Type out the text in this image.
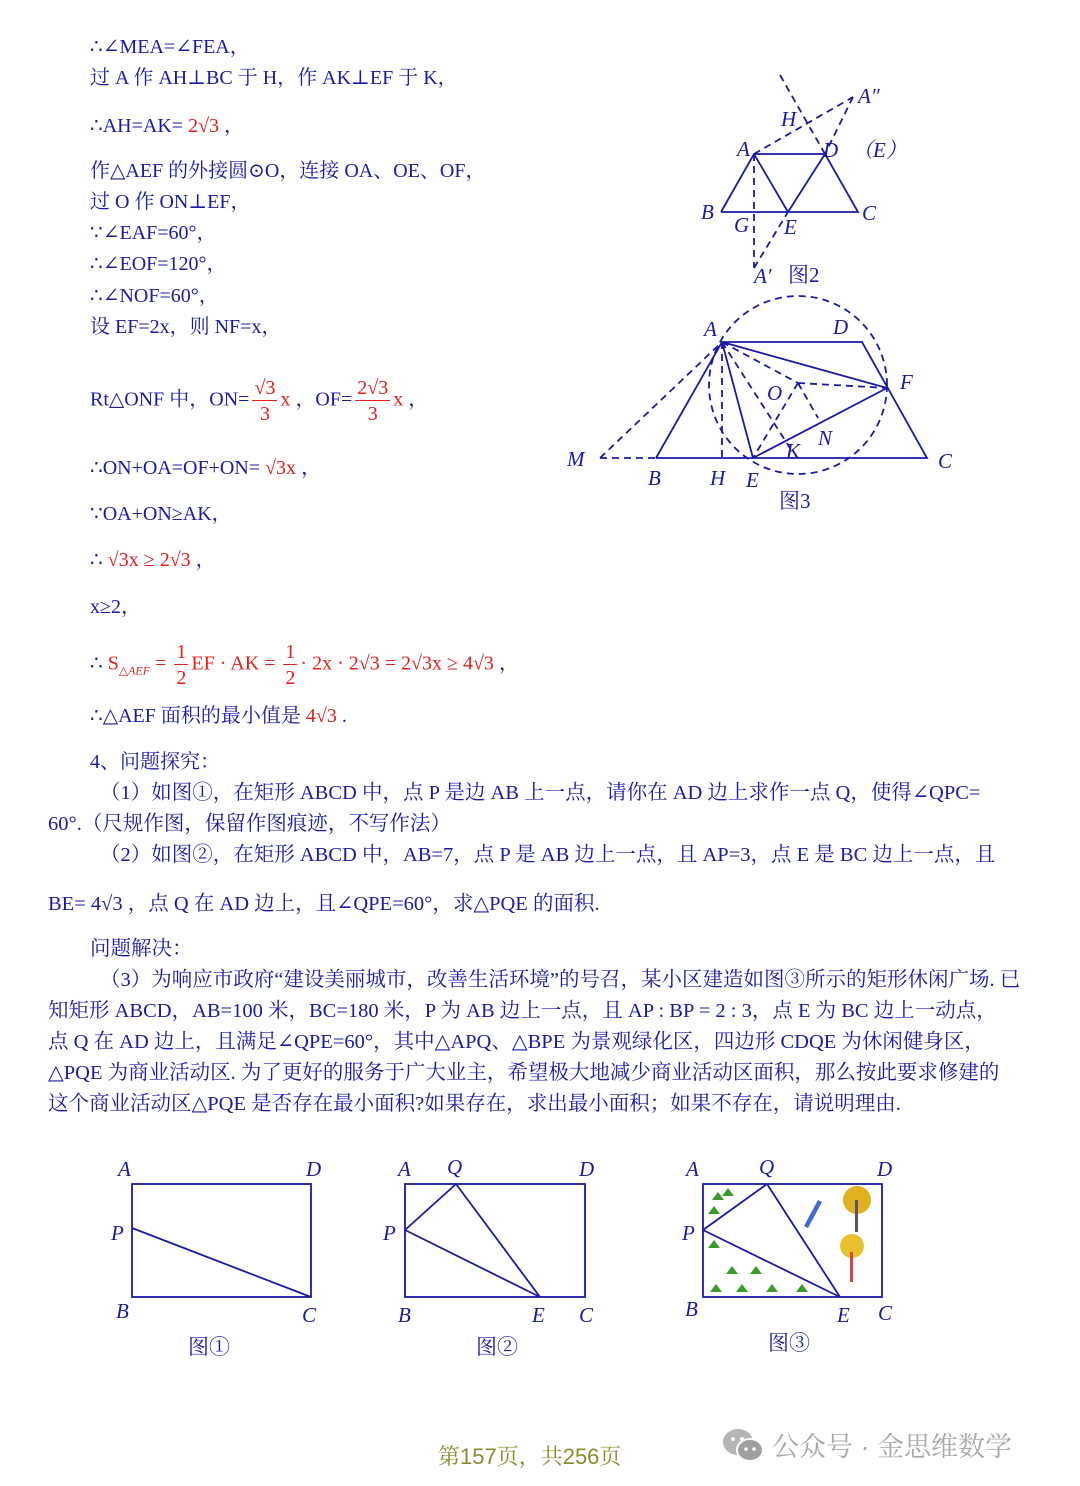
∴∠MEA=∠FEA，
过 A 作 AH⊥BC 于 H，作 AK⊥EF 于 K，
∴AH=AK= 2√3 ，
作△AEF 的外接圆⊙O，连接 OA、OE、OF，
过 O 作 ON⊥EF，
∵∠EAF=60°，
∴∠EOF=120°，
∴∠NOF=60°，
设 EF=2x，则 NF=x，
Rt△ONF 中，$ON= \frac{√3}{3}$ x ，$OF= \frac{2√3}{3}$ x ，
∴ON+OA=OF+ON= √3x ，
∵OA+ON≥AK，
∴ √3x ≥ 2√3 ，
x≥2，
∴ $S_{\triangle AEF} = \frac{1}{2}$ EF · AK = $\frac{1}{2} \cdot 2x \cdot 2√3 = 2√3x \ge 4√3$ ，
∴△AEF 面积的最小值是 4√3 .
4、问题探究：
（1）如图①，在矩形 ABCD 中，点 P 是边 AB 上一点，请你在 AD 边上求作一点 Q，使得∠QPC=
60°.（尺规作图，保留作图痕迹，不写作法）
（2）如图②，在矩形 ABCD 中，AB=7，点 P 是 AB 边上一点，且 AP=3，点 E 是 BC 边上一点，且
BE= 4√3 ，点 Q 在 AD 边上，且∠QPE=60°，求△PQE 的面积.
问题解决：
（3）为响应市政府“建设美丽城市，改善生活环境”的号召，某小区建造如图③所示的矩形休闲广场. 已
知矩形 ABCD，AB=100 米，BC=180 米，P 为 AB 边上一点，且 AP : BP = 2 : 3，点 E 为 BC 边上一动点，
点 Q 在 AD 边上，且满足∠QPE=60°，其中△APQ、△BPE 为景观绿化区，四边形 CDQE 为休闲健身区，
△PQE 为商业活动区. 为了更好的服务于广大业主，希望极大地减少商业活动区面积，那么按此要求修建的
这个商业活动区△PQE 是否存在最小面积?如果存在，求出最小面积；如果不存在，请说明理由.
A	D （E）
B	C
G E
H
A′
A″
图2
A	D
F
O
N
K
M
B H E
C
图3
A	D
P
B	C
图①
A Q	D
P
B	E C
图②
A	Q	D
P
B	E C
图③
第157页，共256页	公众号 · 金思维数学
